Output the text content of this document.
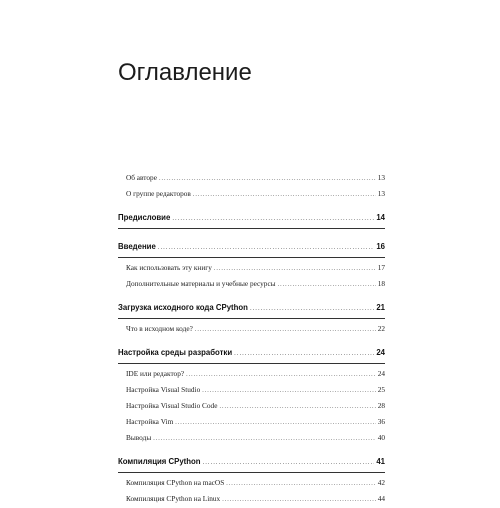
Оглавление
Об авторе .....	13
О группе редакторов .....	13
Предисловие .....	14
Введение .....	16
Как использовать эту книгу .....	17
Дополнительные материалы и учебные ресурсы .....	18
Загрузка исходного кода CPython .....	21
Что в исходном коде? .....	22
Настройка среды разработки .....	24
IDE или редактор? .....	24
Настройка Visual Studio .....	25
Настройка Visual Studio Code .....	28
Настройка Vim .....	36
Выводы .....	40
Компиляция CPython .....	41
Компиляция CPython на macOS .....	42
Компиляция CPython на Linux .....	44
